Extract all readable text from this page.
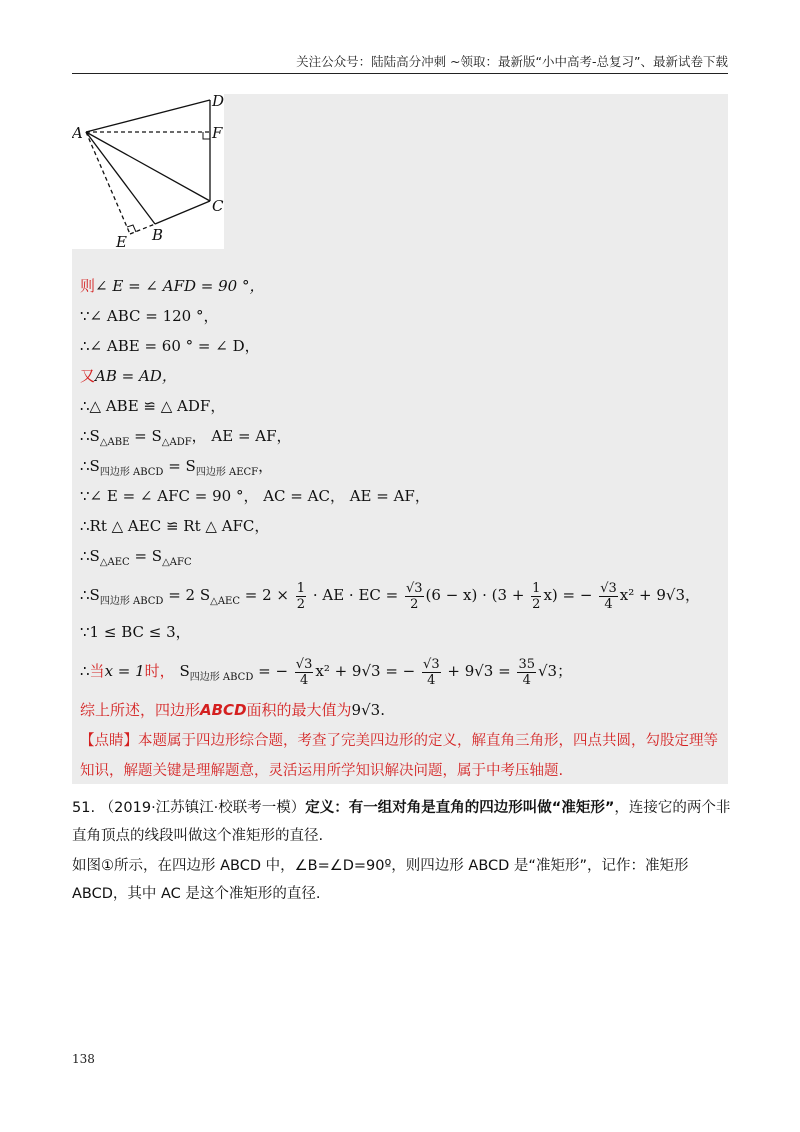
关注公众号：陆陆高分冲刺 ~领取：最新版“小中高考-总复习”、最新试卷下载
A
D
F
C
B
E
则∠ E = ∠ AFD = 90 °，
∵∠ ABC = 120 °，
∴∠ ABE = 60 ° = ∠ D，
又AB = AD，
∴△ ABE ≌ △ ADF，
$\therefore S_{\triangle ABE} = S_{\triangle ADF}$， AE = AF，
$\therefore S_{四边形 ABCD} = S_{四边形 AECF}$，
∵∠ E = ∠ AFC = 90 °， AC = AC， AE = AF，
∴Rt △ AEC ≌ Rt △ AFC，
$\therefore S_{\triangle AEC} = S_{\triangle AFC}$
$\therefore S_{四边形 ABCD} = 2$ $S_{\triangle AEC} = 2 \times \frac{1}{2}$ · AE · EC = $\frac{√3}{2} (6 - x) \cdot (3 + \frac{1}{2} x)$ = − $\frac{√3}{4} x^2 + 9√3$，
∵1 ≤ BC ≤ 3，
∴当x = 1时， $S_{四边形 ABCD}$ = − $\frac{√3}{4} x^2 + 9√3$ = − $\frac{√3}{4} + 9√3 = \frac{35}{4} √3$；
综上所述，四边形ABCD面积的最大值为9√3.
【点睛】本题属于四边形综合题，考查了完美四边形的定义，解直角三角形，四点共圆，勾股定理等知识，解题关键是理解题意，灵活运用所学知识解决问题，属于中考压轴题.
51. （2019·江苏镇江·校联考一模）定义：有一组对角是直角的四边形叫做“准矩形”，连接它的两个非直角顶点的线段叫做这个准矩形的直径.
如图①所示，在四边形 ABCD 中，∠B=∠D=90º，则四边形 ABCD 是“准矩形”，记作：准矩形 ABCD，其中 AC 是这个准矩形的直径.
138
